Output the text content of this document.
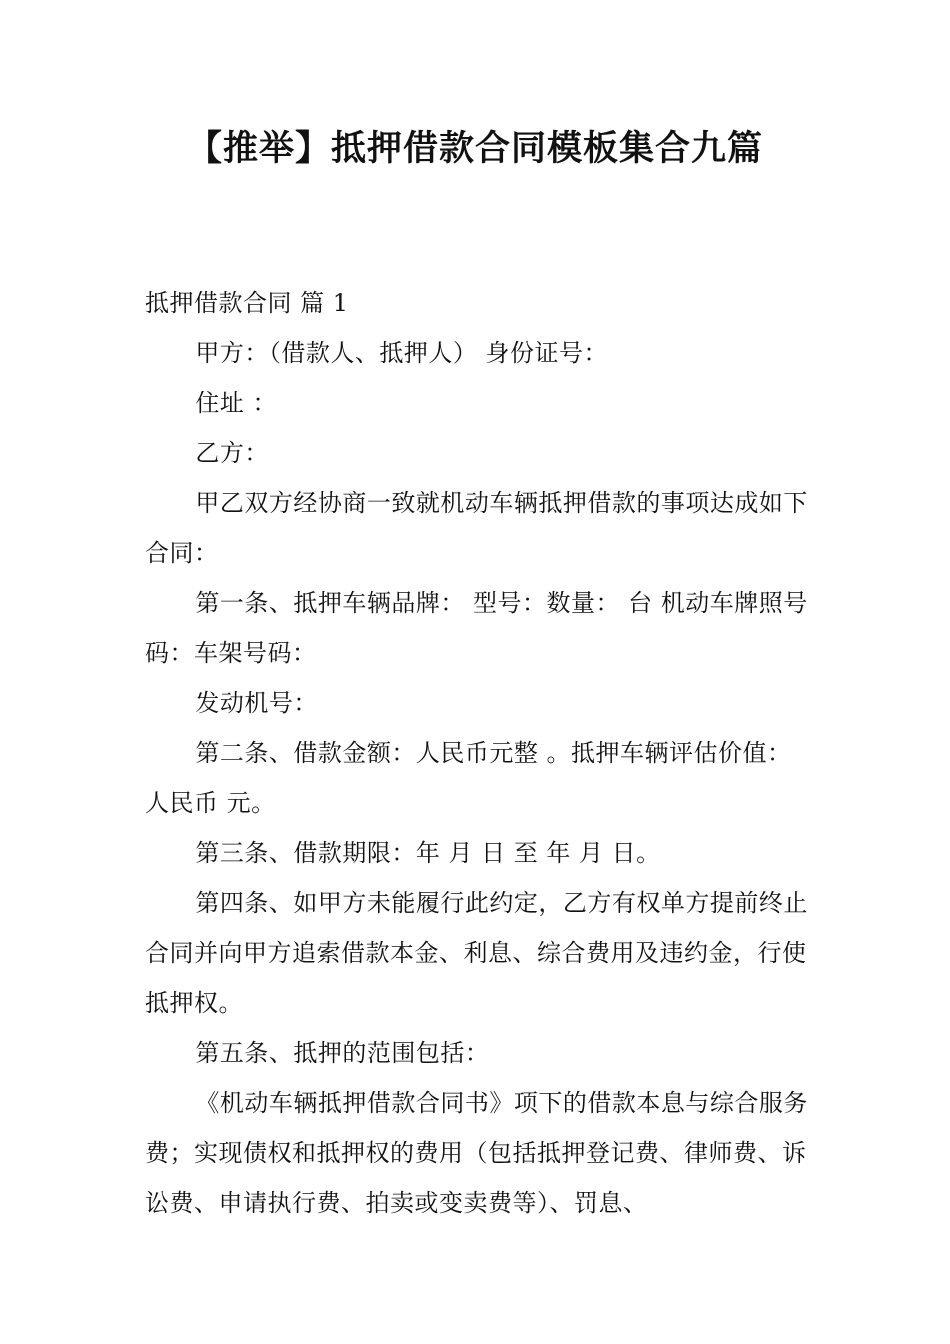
【推举】抵押借款合同模板集合九篇

抵押借款合同 篇 1

甲方：（借款人、抵押人） 身份证号：

住址 ：

乙方：

甲乙双方经协商一致就机动车辆抵押借款的事项达成如下合同：

第一条、抵押车辆品牌： 型号：数量： 台 机动车牌照号码：车架号码：

发动机号：

第二条、借款金额：人民币元整 。抵押车辆评估价值：人民币 元。

第三条、借款期限：年 月 日 至 年 月 日。

第四条、如甲方未能履行此约定，乙方有权单方提前终止合同并向甲方追索借款本金、利息、综合费用及违约金，行使抵押权。

第五条、抵押的范围包括：

《机动车辆抵押借款合同书》项下的借款本息与综合服务费；实现债权和抵押权的费用（包括抵押登记费、律师费、诉讼费、申请执行费、拍卖或变卖费等）、罚息、
